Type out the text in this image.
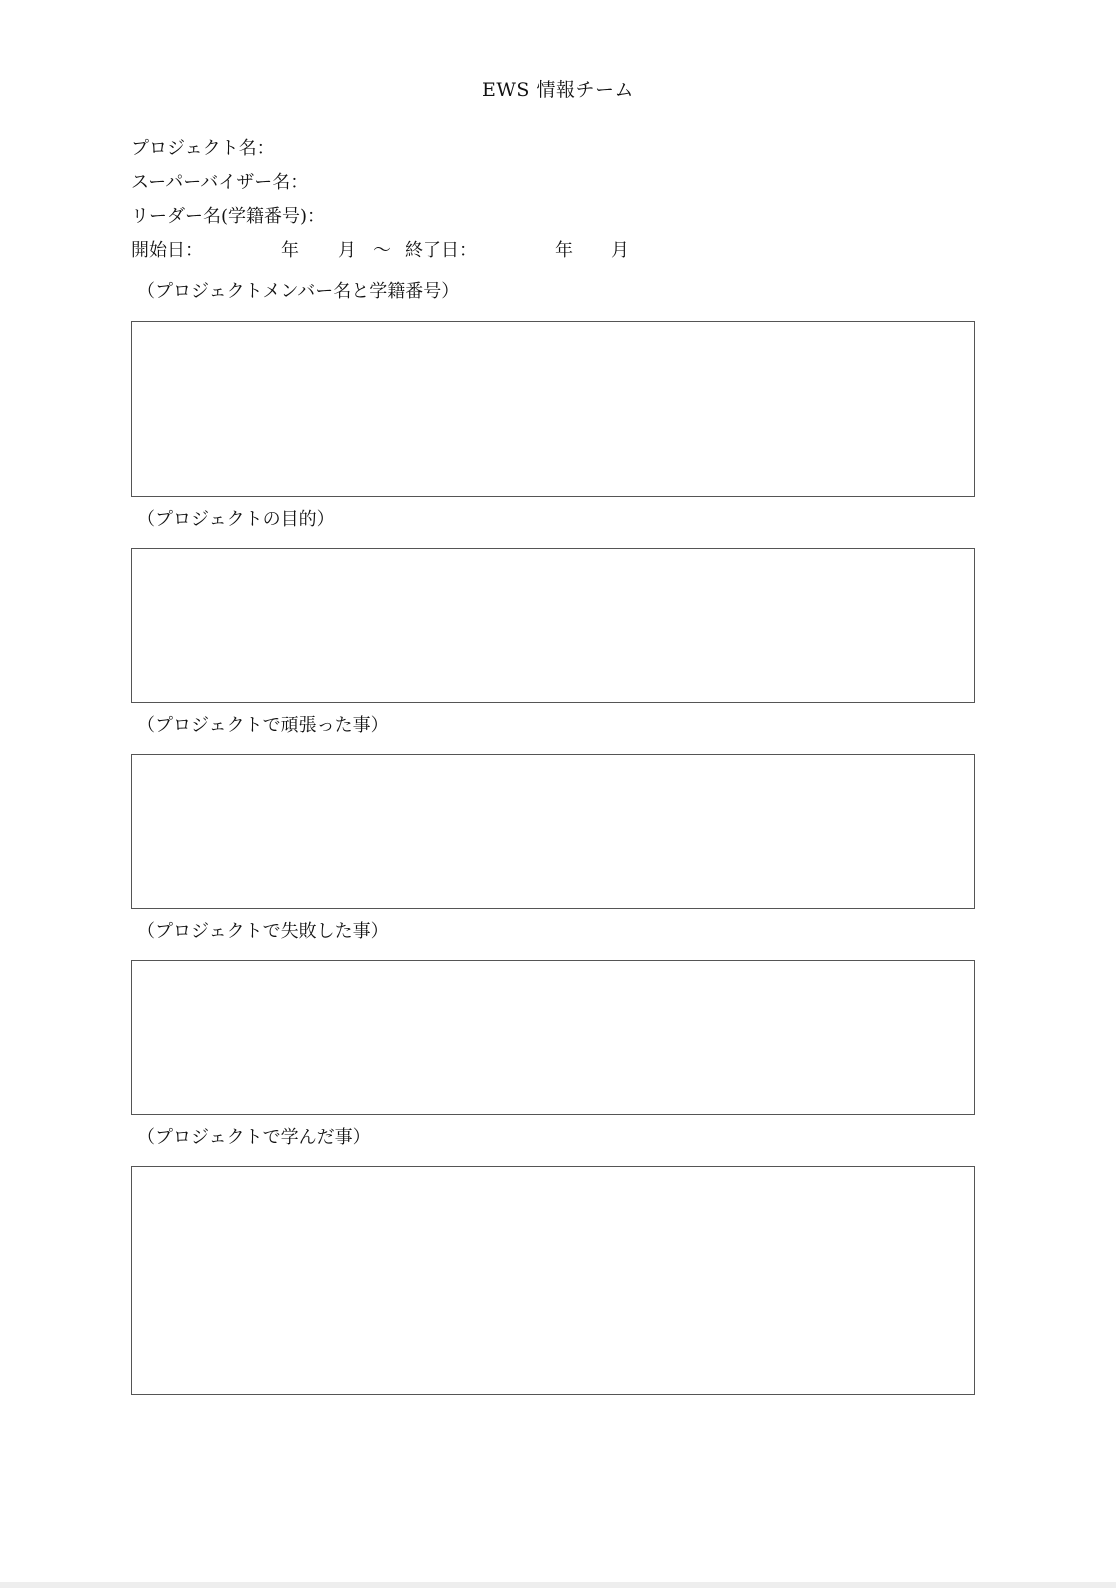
EWS 情報チーム
プロジェクト名：
スーパーバイザー名：
リーダー名(学籍番号)：
開始日：	年 月 ～ 終了日：	年 月
（プロジェクトメンバー名と学籍番号）
（プロジェクトの目的）
（プロジェクトで頑張った事）
（プロジェクトで失敗した事）
（プロジェクトで学んだ事）
